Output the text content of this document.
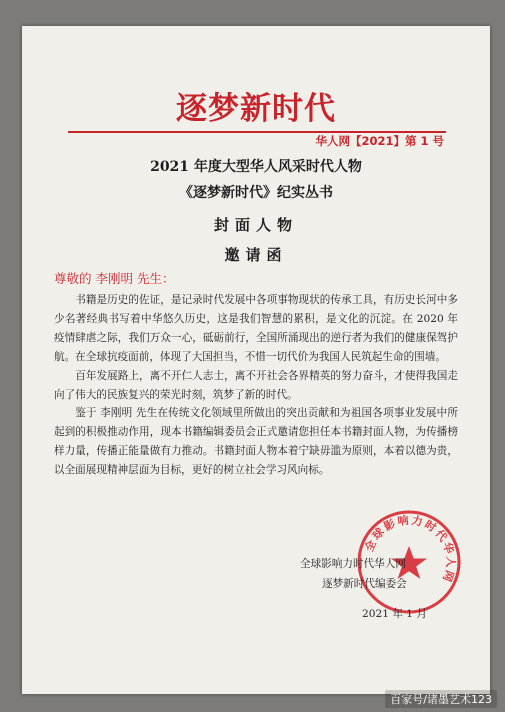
逐梦新时代
华人网【2021】第 1 号
2021 年度大型华人风采时代人物
《逐梦新时代》纪实丛书
封面人物
邀请函
尊敬的 李刚明 先生：

书籍是历史的佐证，是记录时代发展中各项事物现状的传承工具，有历史长河中多少名著经典书写着中华悠久历史，这是我们智慧的累积，是文化的沉淀。在 2020 年疫情肆虐之际，我们万众一心，砥砺前行，全国所涌现出的逆行者为我们的健康保驾护航。在全球抗疫面前，体现了大国担当，不惜一切代价为我国人民筑起生命的围墙。

百年发展路上，离不开仁人志士，离不开社会各界精英的努力奋斗，才使得我国走向了伟大的民族复兴的荣光时刻，筑梦了新的时代。

鉴于 李刚明 先生在传统文化领域里所做出的突出贡献和为祖国各项事业发展中所起到的积极推动作用，现本书籍编辑委员会正式邀请您担任本书籍封面人物，为传播榜样力量，传播正能量做有力推动。书籍封面人物本着宁缺毋滥为原则，本着以德为贵，以全面展现精神层面为目标，更好的树立社会学习风向标。

全球影响力时代华人网
全球影响力时代华人网
逐梦新时代编委会
2021 年 1 月
百家号/诸墨艺术123
